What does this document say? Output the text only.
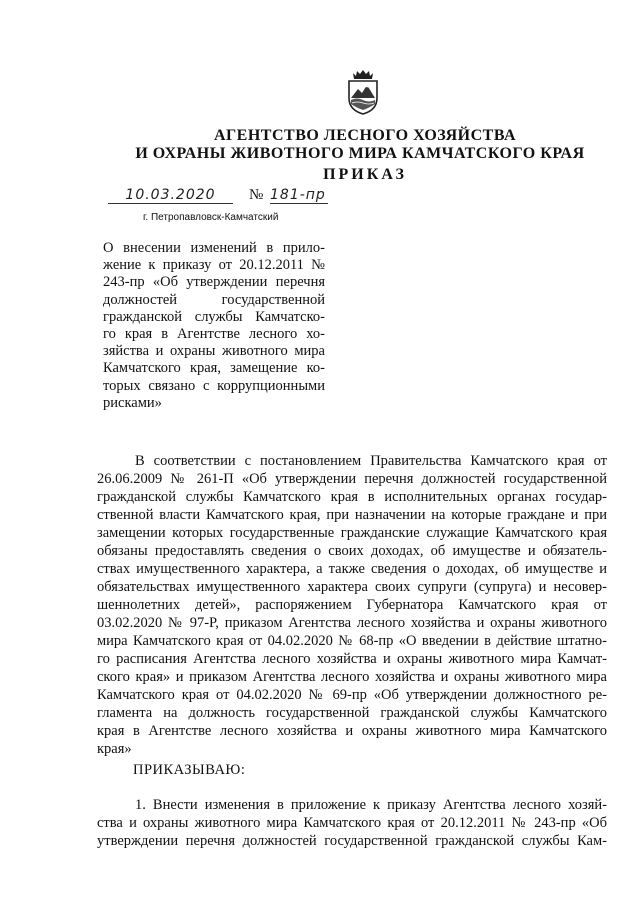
АГЕНТСТВО ЛЕСНОГО ХОЗЯЙСТВА
И ОХРАНЫ ЖИВОТНОГО МИРА КАМЧАТСКОГО КРАЯ
ПРИКАЗ
10.03.2020	№ 181-пр
г. Петропавловск-Камчатский
О внесении изменений в прило-
жение к приказу от 20.12.2011 №
243-пр «Об утверждении перечня
должностей государственной
гражданской службы Камчатско-
го края в Агентстве лесного хо-
зяйства и охраны животного мира
Камчатского края, замещение ко-
торых связано с коррупционными
рисками»
В соответствии с постановлением Правительства Камчатского края от
26.06.2009 № 261-П «Об утверждении перечня должностей государственной
гражданской службы Камчатского края в исполнительных органах государ-
ственной власти Камчатского края, при назначении на которые граждане и при
замещении которых государственные гражданские служащие Камчатского края
обязаны предоставлять сведения о своих доходах, об имуществе и обязатель-
ствах имущественного характера, а также сведения о доходах, об имуществе и
обязательствах имущественного характера своих супруги (супруга) и несовер-
шеннолетних детей», распоряжением Губернатора Камчатского края от
03.02.2020 № 97-Р, приказом Агентства лесного хозяйства и охраны животного
мира Камчатского края от 04.02.2020 № 68-пр «О введении в действие штатно-
го расписания Агентства лесного хозяйства и охраны животного мира Камчат-
ского края» и приказом Агентства лесного хозяйства и охраны животного мира
Камчатского края от 04.02.2020 № 69-пр «Об утверждении должностного ре-
гламента на должность государственной гражданской службы Камчатского
края в Агентстве лесного хозяйства и охраны животного мира Камчатского
края»
ПРИКАЗЫВАЮ:
1. Внести изменения в приложение к приказу Агентства лесного хозяй-
ства и охраны животного мира Камчатского края от 20.12.2011 № 243-пр «Об
утверждении перечня должностей государственной гражданской службы Кам-
